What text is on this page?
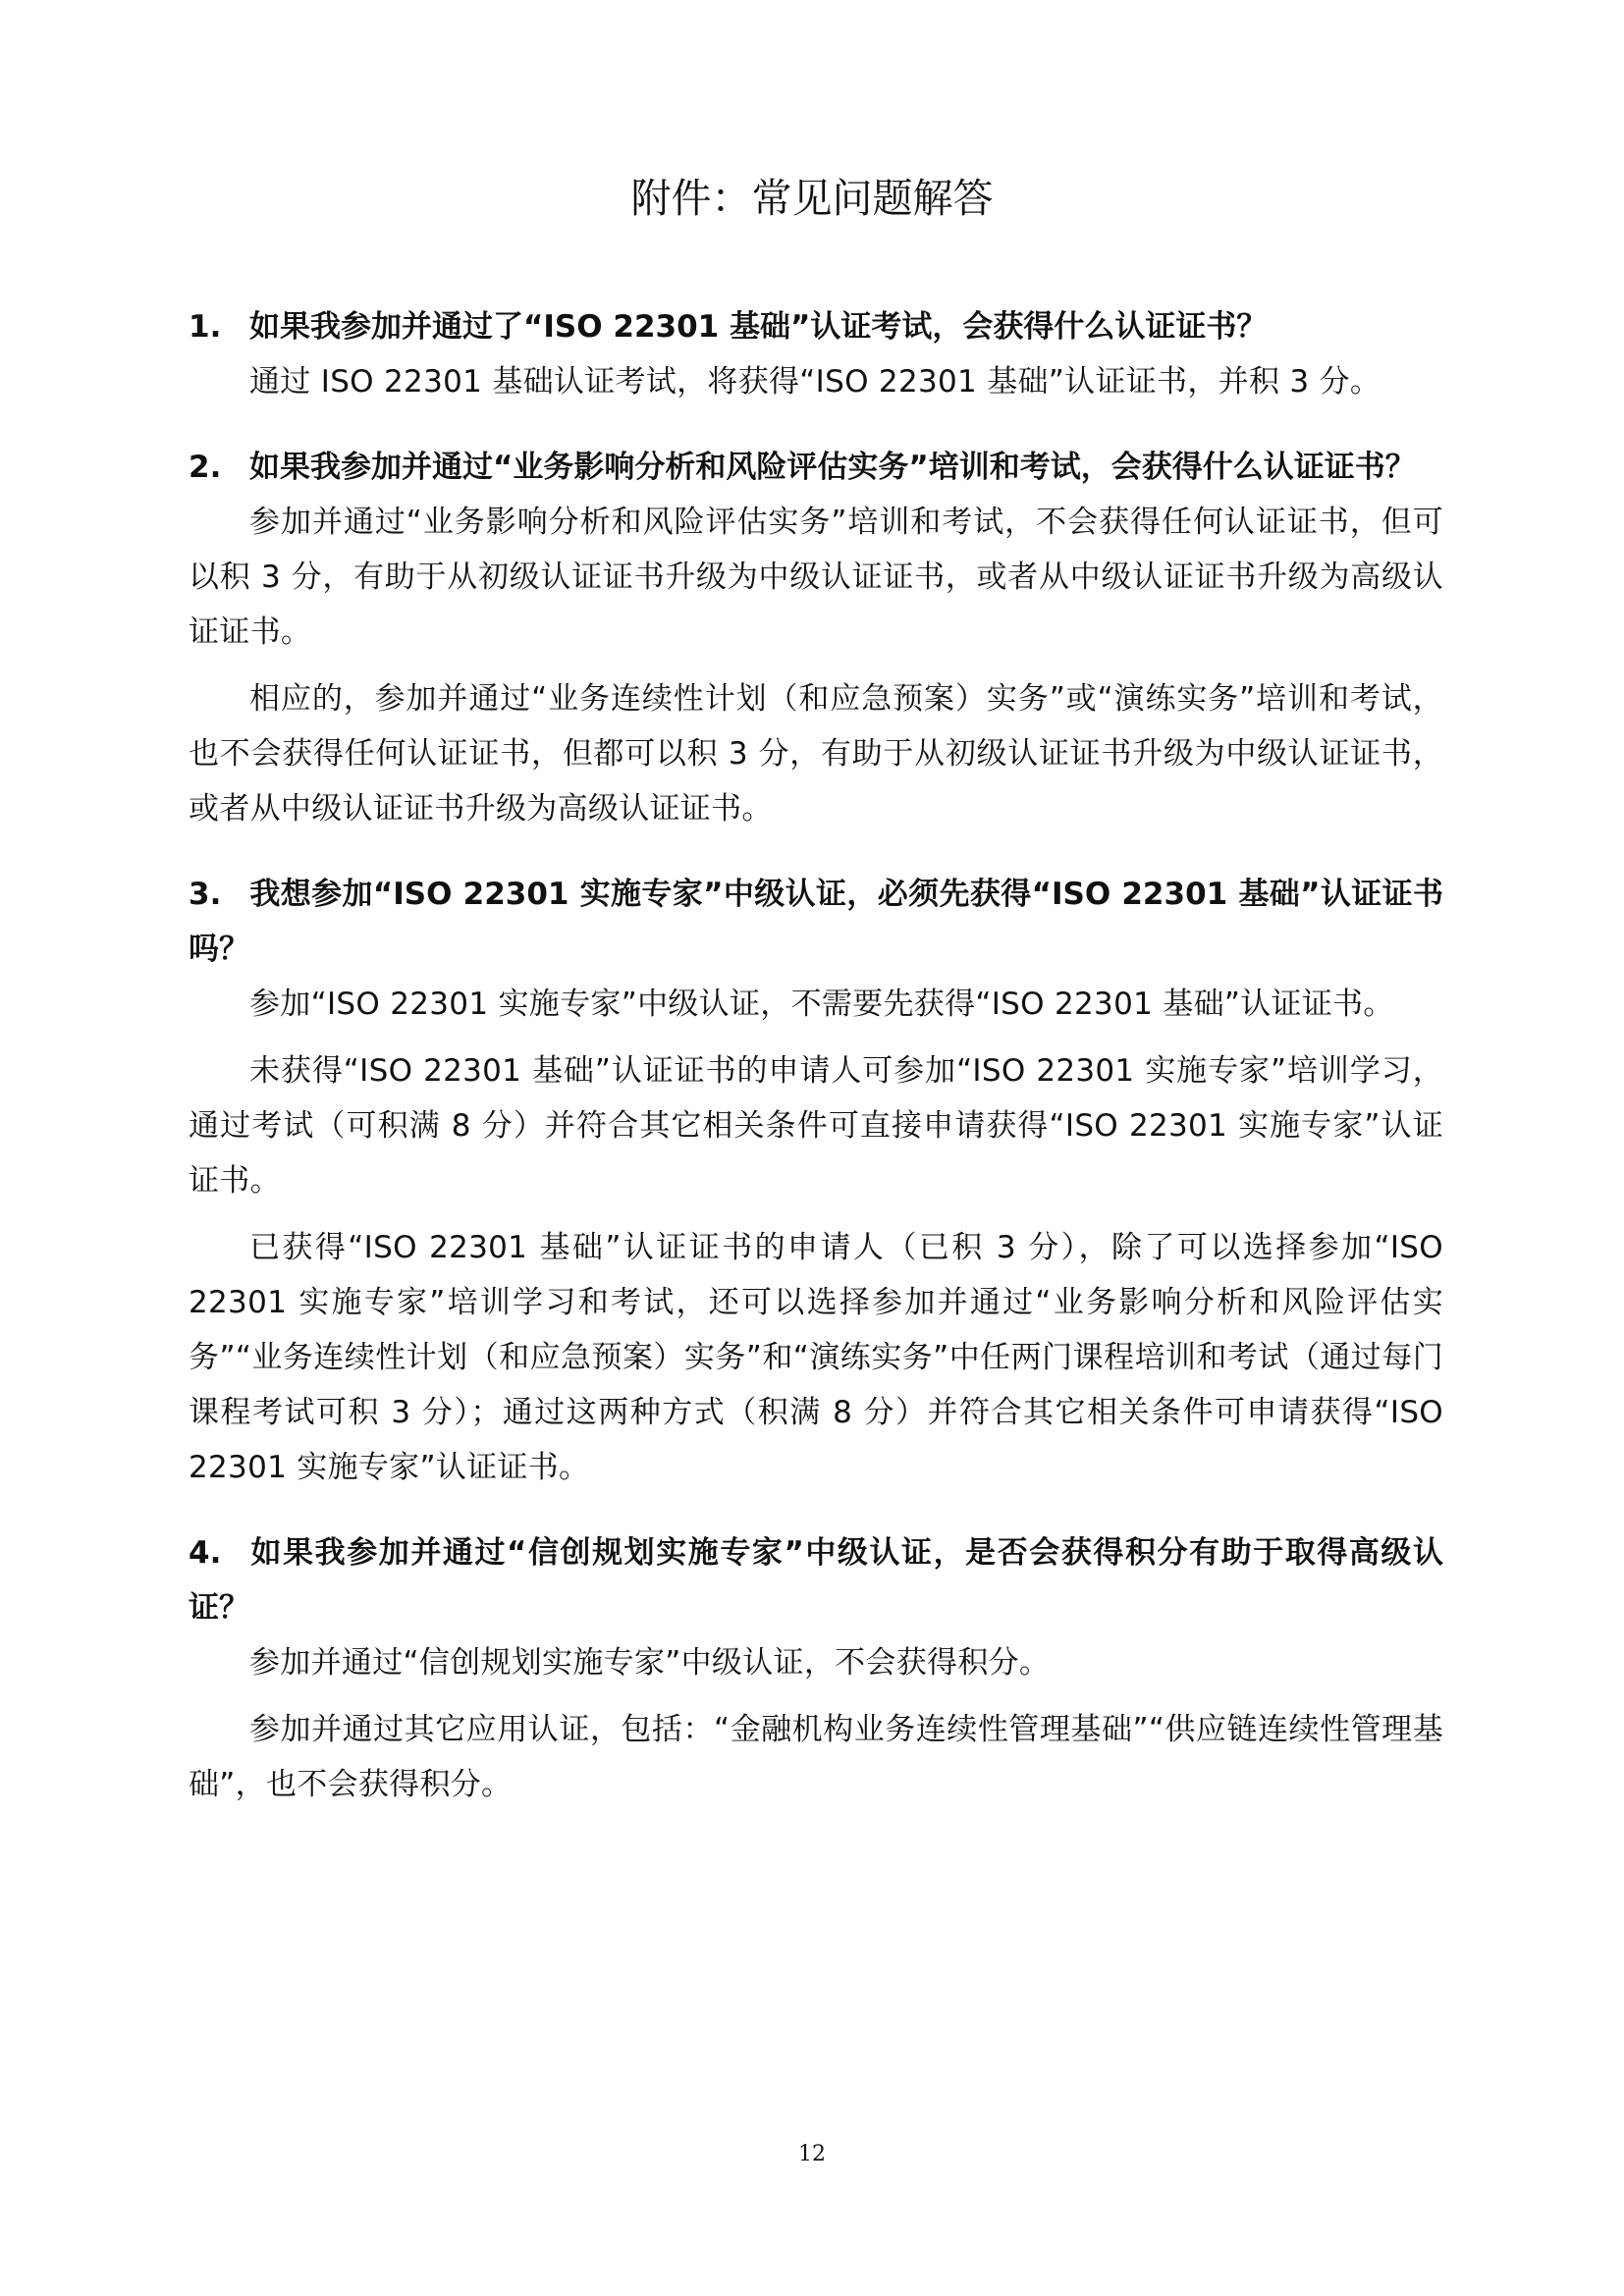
附件：常见问题解答

1. 如果我参加并通过了“ISO 22301 基础”认证考试，会获得什么认证证书？

通过 ISO 22301 基础认证考试，将获得“ISO 22301 基础”认证证书，并积 3 分。

2. 如果我参加并通过“业务影响分析和风险评估实务”培训和考试，会获得什么认证证书？

参加并通过“业务影响分析和风险评估实务”培训和考试，不会获得任何认证证书，但可以积 3 分，有助于从初级认证证书升级为中级认证证书，或者从中级认证证书升级为高级认证证书。

相应的，参加并通过“业务连续性计划（和应急预案）实务”或“演练实务”培训和考试，也不会获得任何认证证书，但都可以积 3 分，有助于从初级认证证书升级为中级认证证书，或者从中级认证证书升级为高级认证证书。

3. 我想参加“ISO 22301 实施专家”中级认证，必须先获得“ISO 22301 基础”认证证书吗？

参加“ISO 22301 实施专家”中级认证，不需要先获得“ISO 22301 基础”认证证书。

未获得“ISO 22301 基础”认证证书的申请人可参加“ISO 22301 实施专家”培训学习，通过考试（可积满 8 分）并符合其它相关条件可直接申请获得“ISO 22301 实施专家”认证证书。

已获得“ISO 22301 基础”认证证书的申请人（已积 3 分），除了可以选择参加“ISO 22301 实施专家”培训学习和考试，还可以选择参加并通过“业务影响分析和风险评估实务”“业务连续性计划（和应急预案）实务”和“演练实务”中任两门课程培训和考试（通过每门课程考试可积 3 分）；通过这两种方式（积满 8 分）并符合其它相关条件可申请获得“ISO 22301 实施专家”认证证书。

4. 如果我参加并通过“信创规划实施专家”中级认证，是否会获得积分有助于取得高级认证？

参加并通过“信创规划实施专家”中级认证，不会获得积分。

参加并通过其它应用认证，包括：“金融机构业务连续性管理基础”“供应链连续性管理基础”，也不会获得积分。

12
